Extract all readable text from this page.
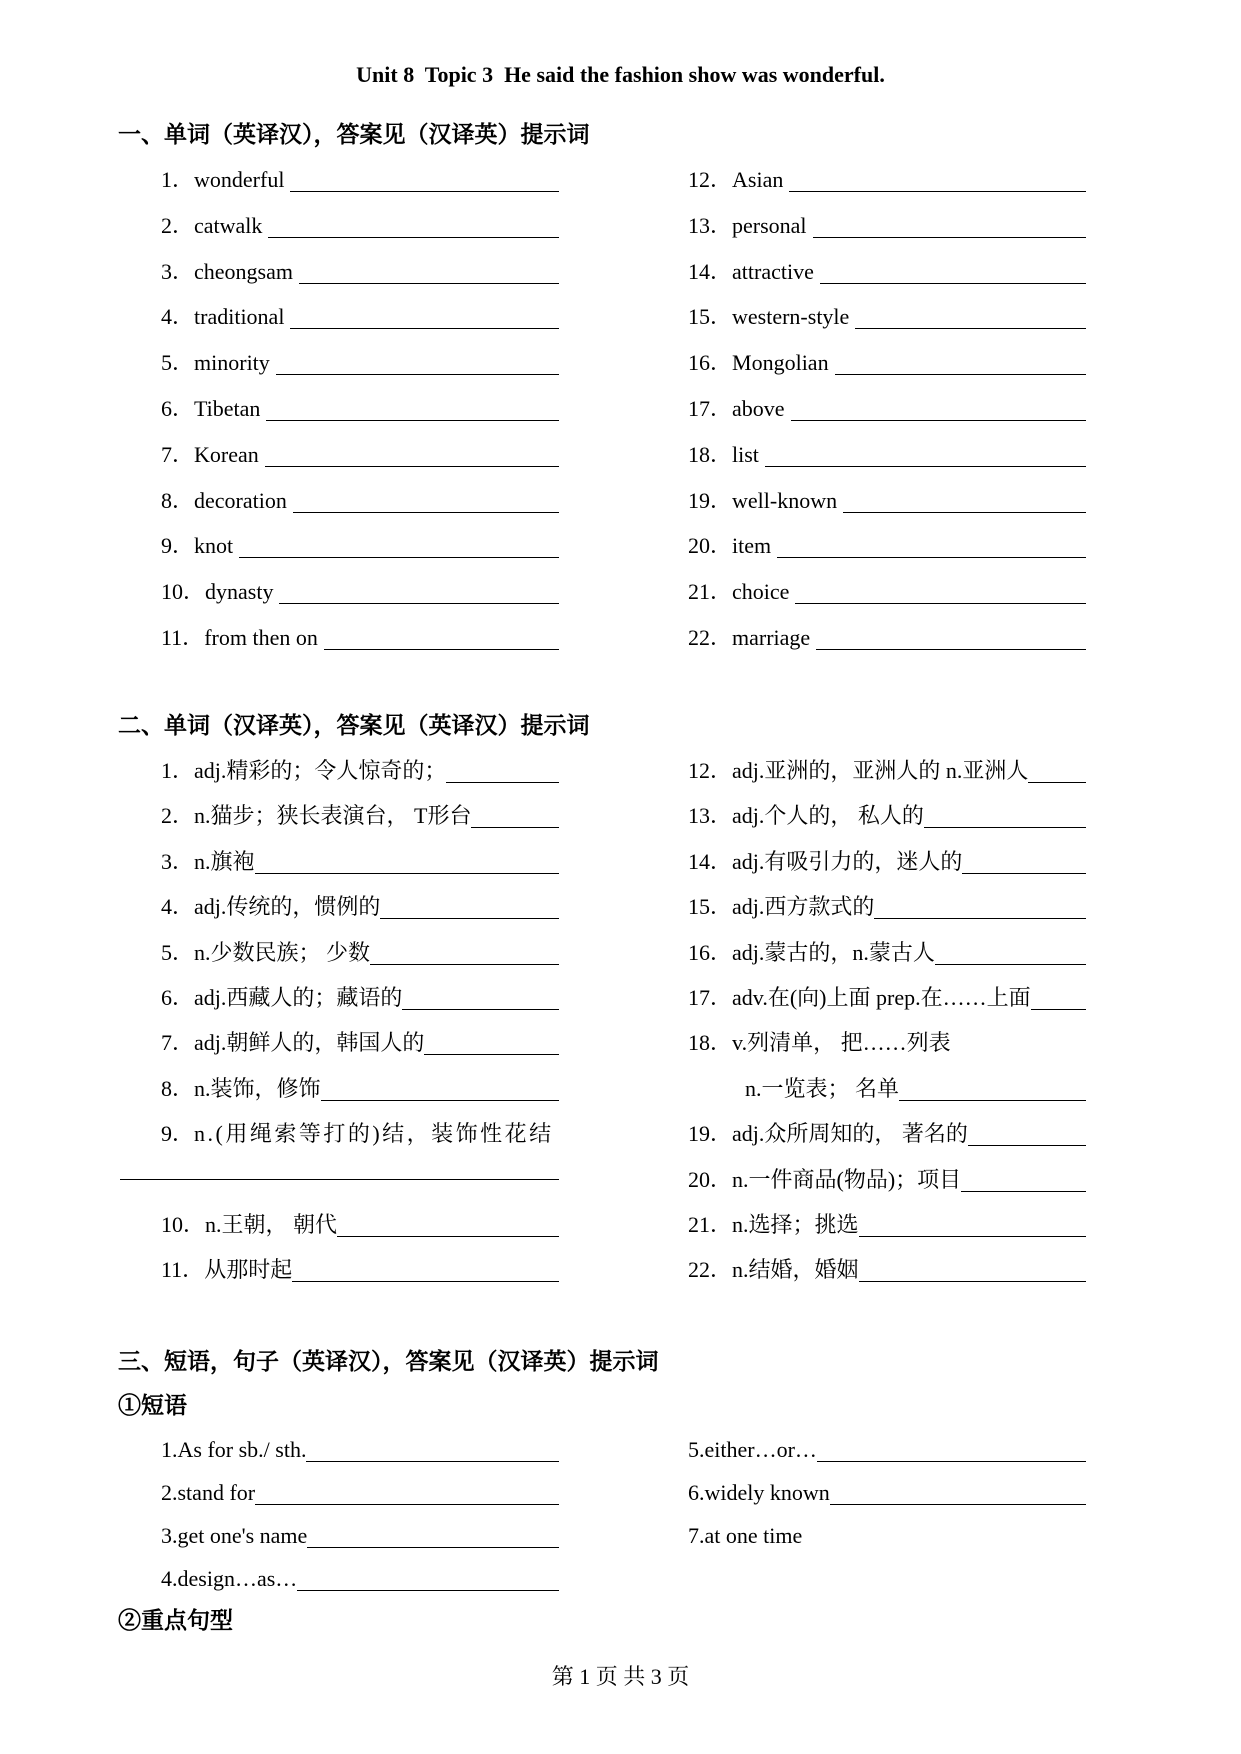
Unit 8  Topic 3  He said the fashion show was wonderful.
一、单词（英译汉），答案见（汉译英）提示词
1． wonderful
2． catwalk
3． cheongsam
4． traditional
5． minority
6． Tibetan
7． Korean
8． decoration
9． knot
10． dynasty
11． from then on
12． Asian
13． personal
14． attractive
15． western-style
16． Mongolian
17． above
18． list
19． well-known
20． item
21． choice
22． marriage
二、单词（汉译英），答案见（英译汉）提示词
1． adj.精彩的；令人惊奇的；
2． n.猫步；狭长表演台， T形台
3． n.旗袍
4． adj.传统的，惯例的
5． n.少数民族； 少数
6． adj.西藏人的；藏语的
7． adj.朝鲜人的，韩国人的
8． n.装饰，修饰
9． n.(用绳索等打的)结，装饰性花结
10． n.王朝， 朝代
11． 从那时起
12． adj.亚洲的，亚洲人的 n.亚洲人
13． adj.个人的， 私人的
14． adj.有吸引力的，迷人的
15． adj.西方款式的
16． adj.蒙古的，n.蒙古人
17． adv.在(向)上面 prep.在……上面
18． v.列清单， 把……列表
n.一览表； 名单
19． adj.众所周知的， 著名的
20． n.一件商品(物品)；项目
21． n.选择；挑选
22． n.结婚，婚姻
三、短语，句子（英译汉），答案见（汉译英）提示词
①短语
1.As for sb./ sth.
2.stand for
3.get one's name
4.design…as…
5.either…or…
6.widely known
7.at one time
②重点句型
第 1 页 共 3 页
